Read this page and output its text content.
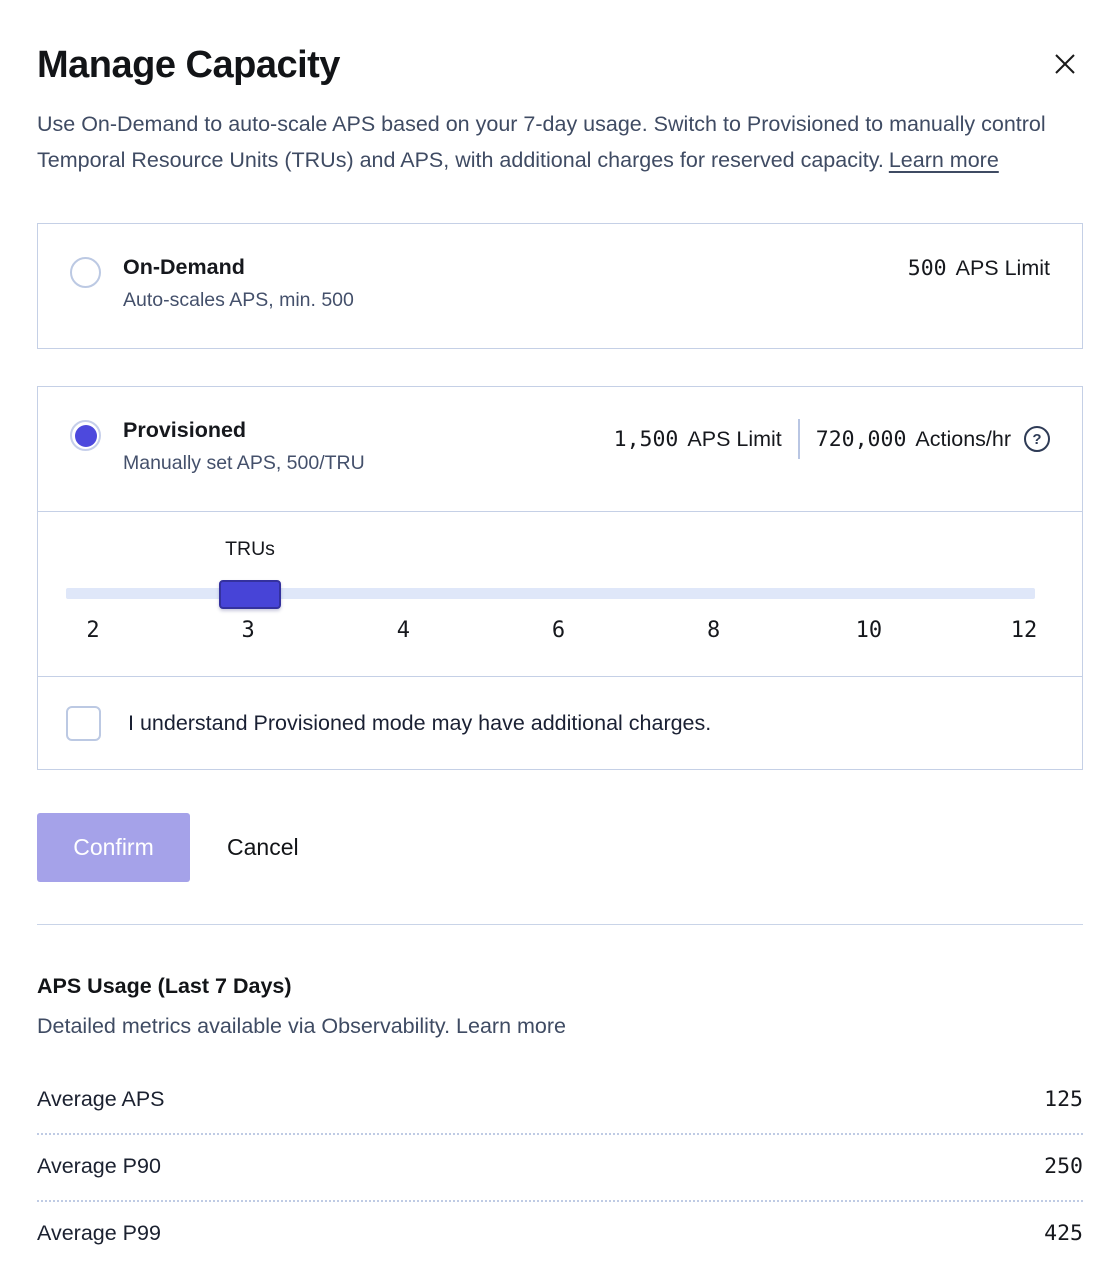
Manage Capacity

Use On-Demand to auto-scale APS based on your 7-day usage. Switch to Provisioned to manually control Temporal Resource Units (TRUs) and APS, with additional charges for reserved capacity. Learn more

On-Demand
Auto-scales APS, min. 500
500 APS Limit
Provisioned
Manually set APS, 500/TRU
1,500 APS Limit 720,000 Actions/hr	?
TRUs
2	3	4	6	8	10	12
I understand Provisioned mode may have additional charges.
Confirm	Cancel
APS Usage (Last 7 Days)

Detailed metrics available via Observability. Learn more

Average APS	125
Average P90	250
Average P99	425
